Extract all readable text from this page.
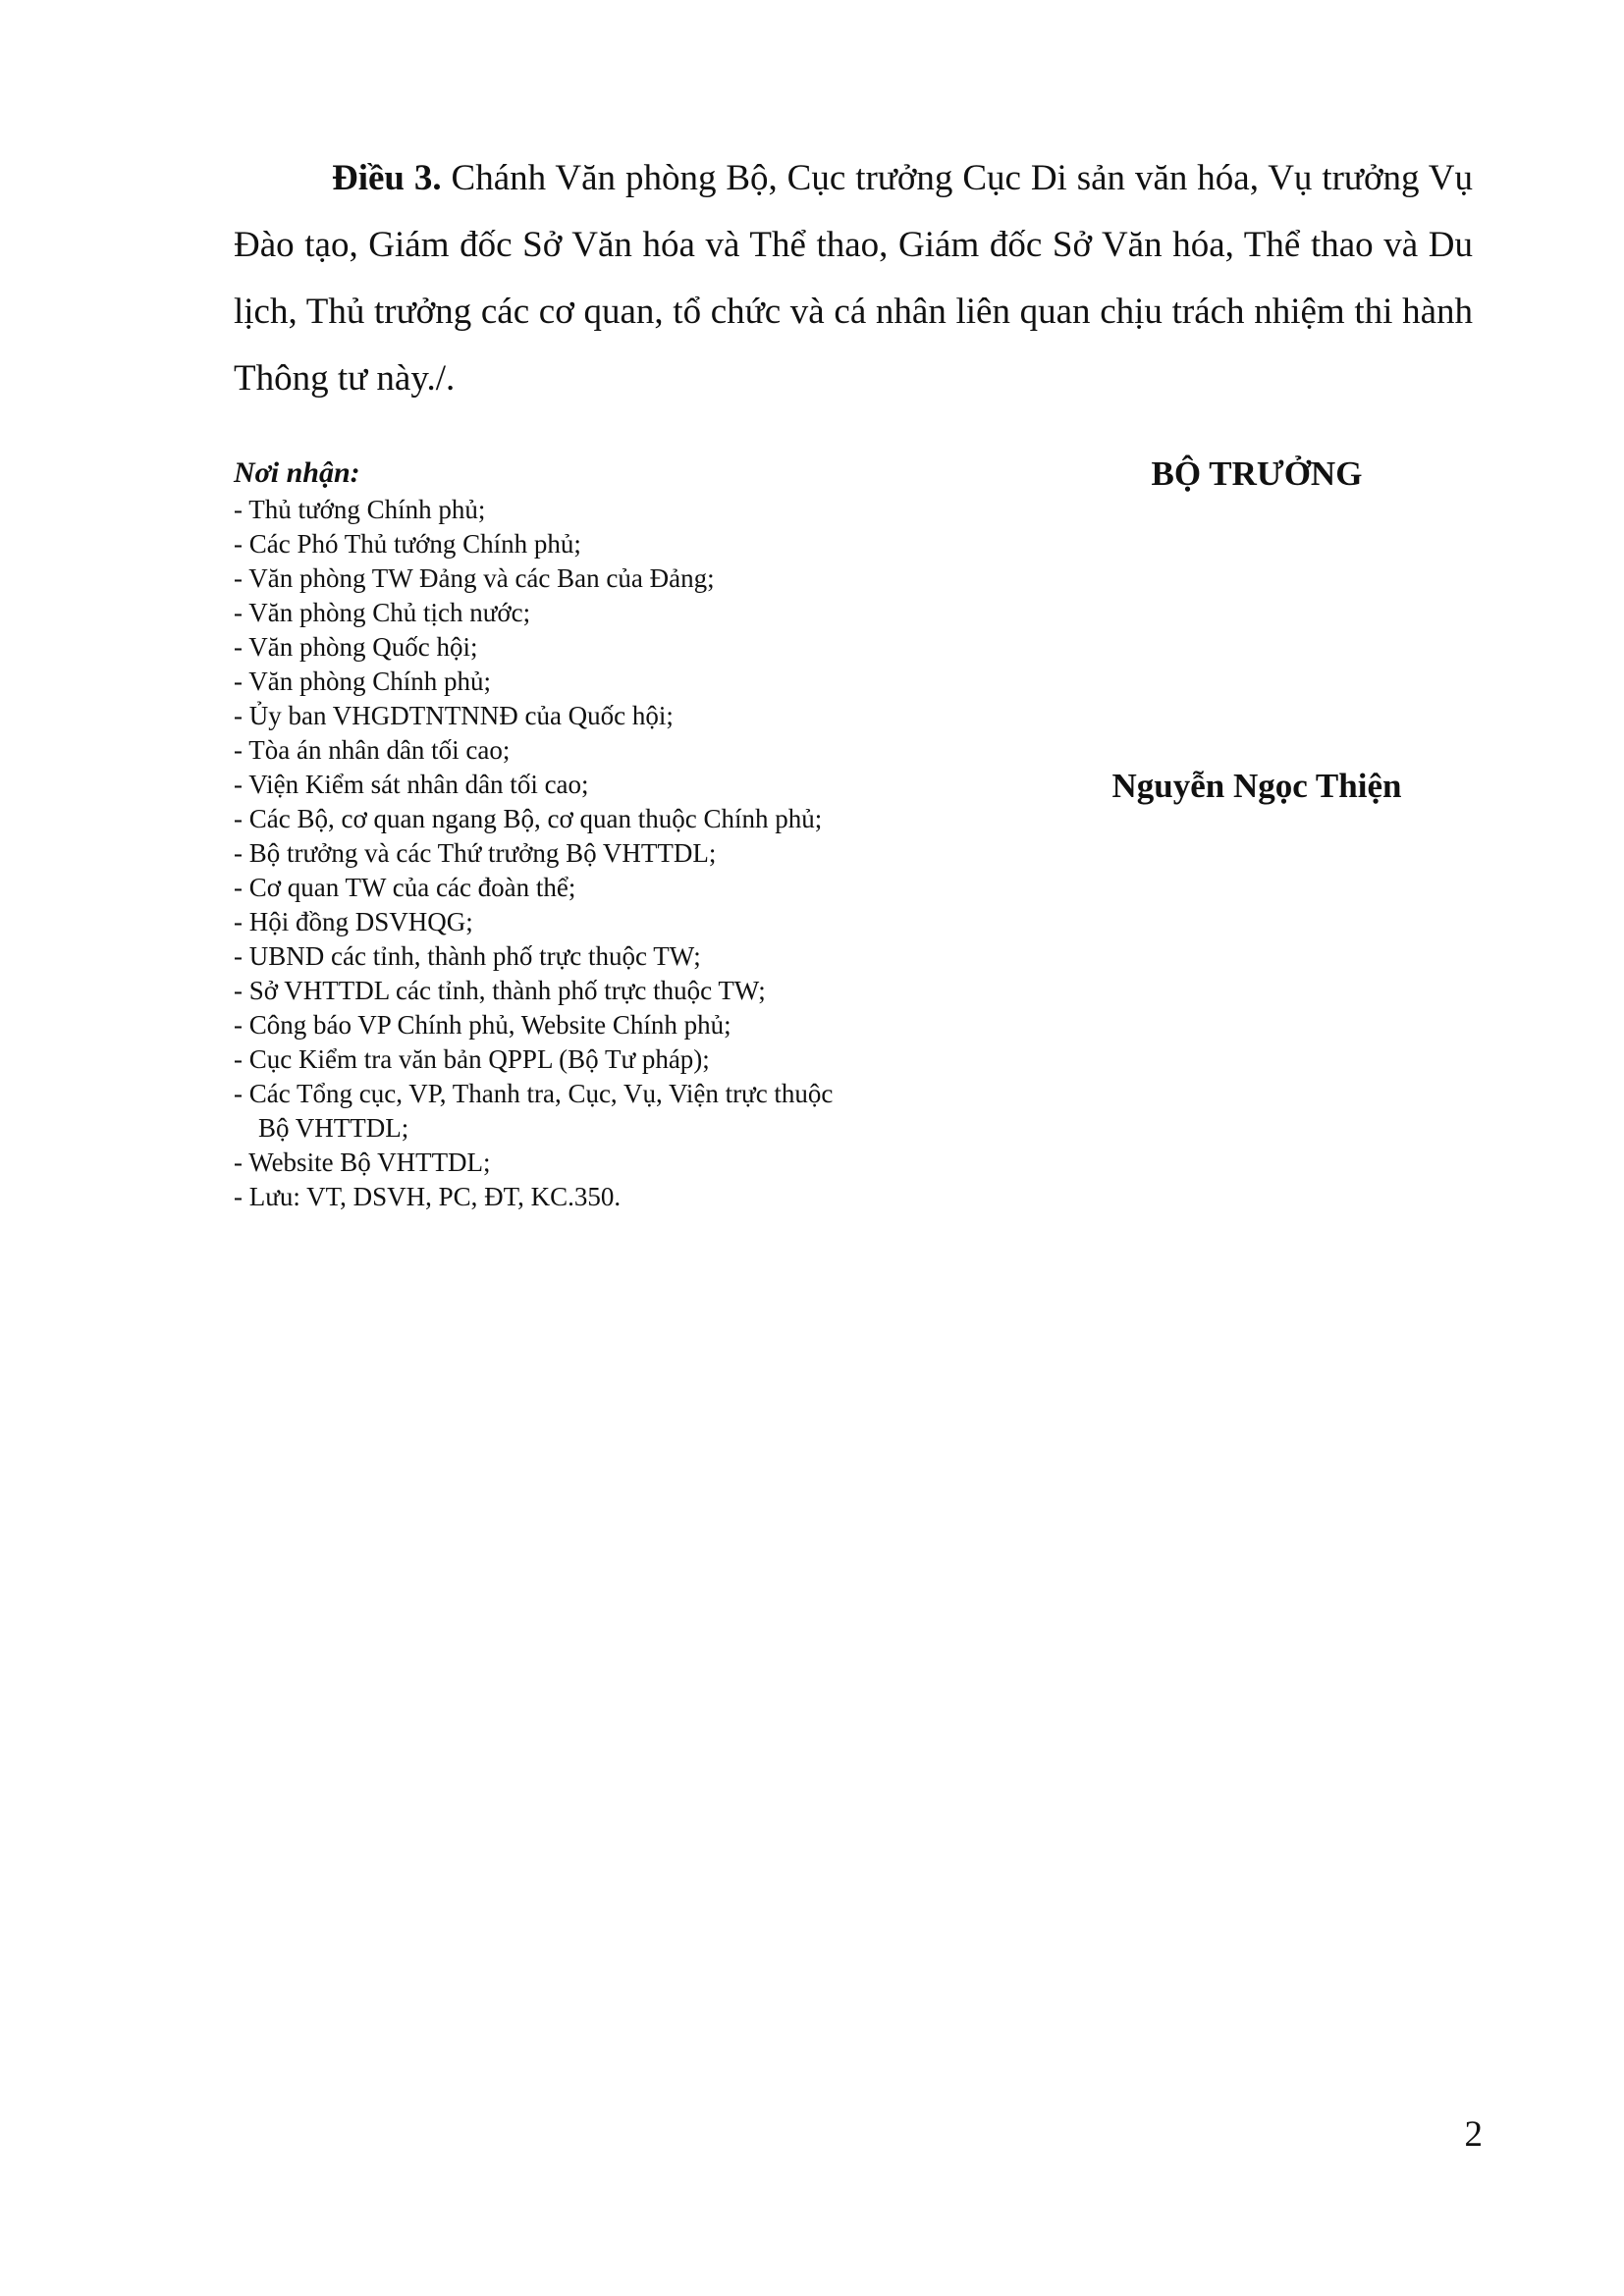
Điều 3. Chánh Văn phòng Bộ, Cục trưởng Cục Di sản văn hóa, Vụ trưởng Vụ Đào tạo, Giám đốc Sở Văn hóa và Thể thao, Giám đốc Sở Văn hóa, Thể thao và Du lịch, Thủ trưởng các cơ quan, tổ chức và cá nhân liên quan chịu trách nhiệm thi hành Thông tư này./.

Nơi nhận:
- Thủ tướng Chính phủ;
- Các Phó Thủ tướng Chính phủ;
- Văn phòng TW Đảng và các Ban của Đảng;
- Văn phòng Chủ tịch nước;
- Văn phòng Quốc hội;
- Văn phòng Chính phủ;
- Ủy ban VHGDTNTNNĐ của Quốc hội;
- Tòa án nhân dân tối cao;
- Viện Kiểm sát nhân dân tối cao;
- Các Bộ, cơ quan ngang Bộ, cơ quan thuộc Chính phủ;
- Bộ trưởng và các Thứ trưởng Bộ VHTTDL;
- Cơ quan TW của các đoàn thể;
- Hội đồng DSVHQG;
- UBND các tỉnh, thành phố trực thuộc TW;
- Sở VHTTDL các tỉnh, thành phố trực thuộc TW;
- Công báo VP Chính phủ, Website Chính phủ;
- Cục Kiểm tra văn bản QPPL (Bộ Tư pháp);
- Các Tổng cục, VP, Thanh tra, Cục, Vụ, Viện trực thuộc
Bộ VHTTDL;
- Website Bộ VHTTDL;
- Lưu: VT, DSVH, PC, ĐT, KC.350.
BỘ TRƯỞNG
Nguyễn Ngọc Thiện
2
